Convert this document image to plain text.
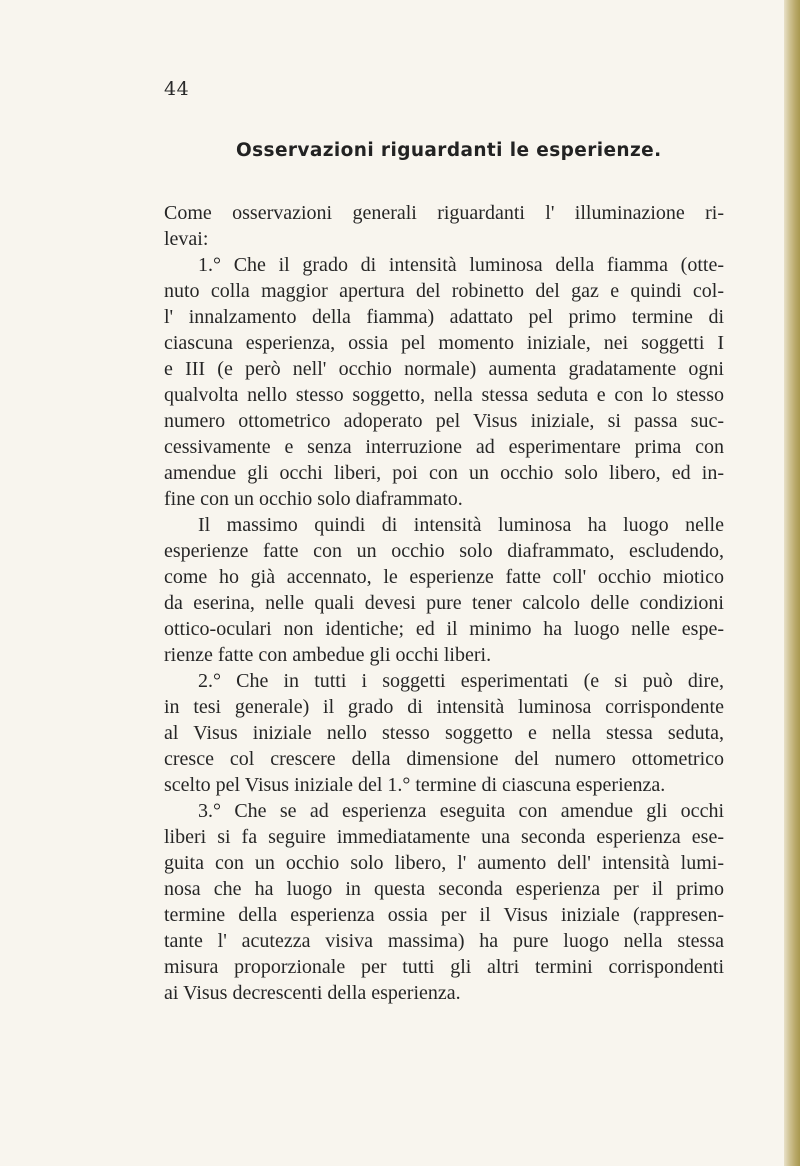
44
Osservazioni riguardanti le esperienze.
Come osservazioni generali riguardanti l' illuminazione ri-
levai:
1.° Che il grado di intensità luminosa della fiamma (otte-
nuto colla maggior apertura del robinetto del gaz e quindi col-
l' innalzamento della fiamma) adattato pel primo termine di
ciascuna esperienza, ossia pel momento iniziale, nei soggetti I
e III (e però nell' occhio normale) aumenta gradatamente ogni
qualvolta nello stesso soggetto, nella stessa seduta e con lo stesso
numero ottometrico adoperato pel Visus iniziale, si passa suc-
cessivamente e senza interruzione ad esperimentare prima con
amendue gli occhi liberi, poi con un occhio solo libero, ed in-
fine con un occhio solo diaframmato.
Il massimo quindi di intensità luminosa ha luogo nelle
esperienze fatte con un occhio solo diaframmato, escludendo,
come ho già accennato, le esperienze fatte coll' occhio miotico
da eserina, nelle quali devesi pure tener calcolo delle condizioni
ottico-oculari non identiche; ed il minimo ha luogo nelle espe-
rienze fatte con ambedue gli occhi liberi.
2.° Che in tutti i soggetti esperimentati (e si può dire,
in tesi generale) il grado di intensità luminosa corrispondente
al Visus iniziale nello stesso soggetto e nella stessa seduta,
cresce col crescere della dimensione del numero ottometrico
scelto pel Visus iniziale del 1.° termine di ciascuna esperienza.
3.° Che se ad esperienza eseguita con amendue gli occhi
liberi si fa seguire immediatamente una seconda esperienza ese-
guita con un occhio solo libero, l' aumento dell' intensità lumi-
nosa che ha luogo in questa seconda esperienza per il primo
termine della esperienza ossia per il Visus iniziale (rappresen-
tante l' acutezza visiva massima) ha pure luogo nella stessa
misura proporzionale per tutti gli altri termini corrispondenti
ai Visus decrescenti della esperienza.
